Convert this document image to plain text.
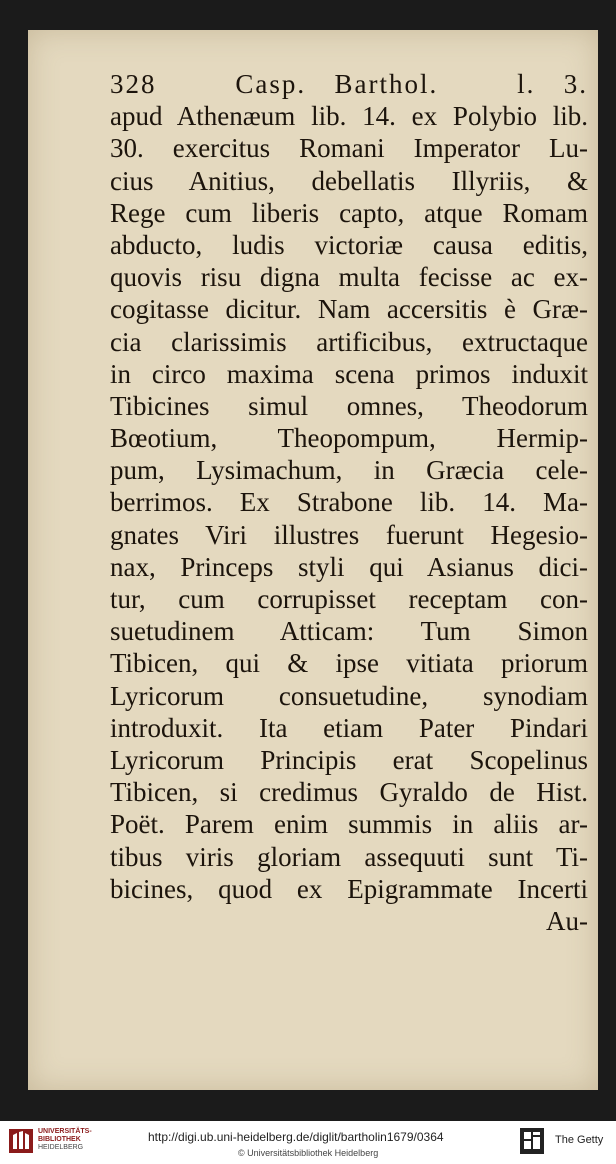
328	Casp. Barthol.	l. 3.
apud Athenæum lib. 14. ex Polybio lib.
30. exercitus Romani Imperator Lu-
cius Anitius, debellatis Illyriis, &
Rege cum liberis capto, atque Romam
abducto, ludis victoriæ causa editis,
quovis risu digna multa fecisse ac ex-
cogitasse dicitur. Nam accersitis è Græ-
cia clarissimis artificibus, extructaque
in circo maxima scena primos induxit
Tibicines simul omnes, Theodorum
Bœotium, Theopompum, Hermip-
pum, Lysimachum, in Græcia cele-
berrimos. Ex Strabone lib. 14. Ma-
gnates Viri illustres fuerunt Hegesio-
nax, Princeps styli qui Asianus dici-
tur, cum corrupisset receptam con-
suetudinem Atticam: Tum Simon
Tibicen, qui & ipse vitiata priorum
Lyricorum consuetudine, synodiam
introduxit. Ita etiam Pater Pindari
Lyricorum Principis erat Scopelinus
Tibicen, si credimus Gyraldo de Hist.
Poët. Parem enim summis in aliis ar-
tibus viris gloriam assequuti sunt Ti-
bicines, quod ex Epigrammate Incerti
Au-
UNIVERSITÄTS-
BIBLIOTHEK
HEIDELBERG
http://digi.ub.uni-heidelberg.de/diglit/bartholin1679/0364
© Universitätsbibliothek Heidelberg
The Getty
